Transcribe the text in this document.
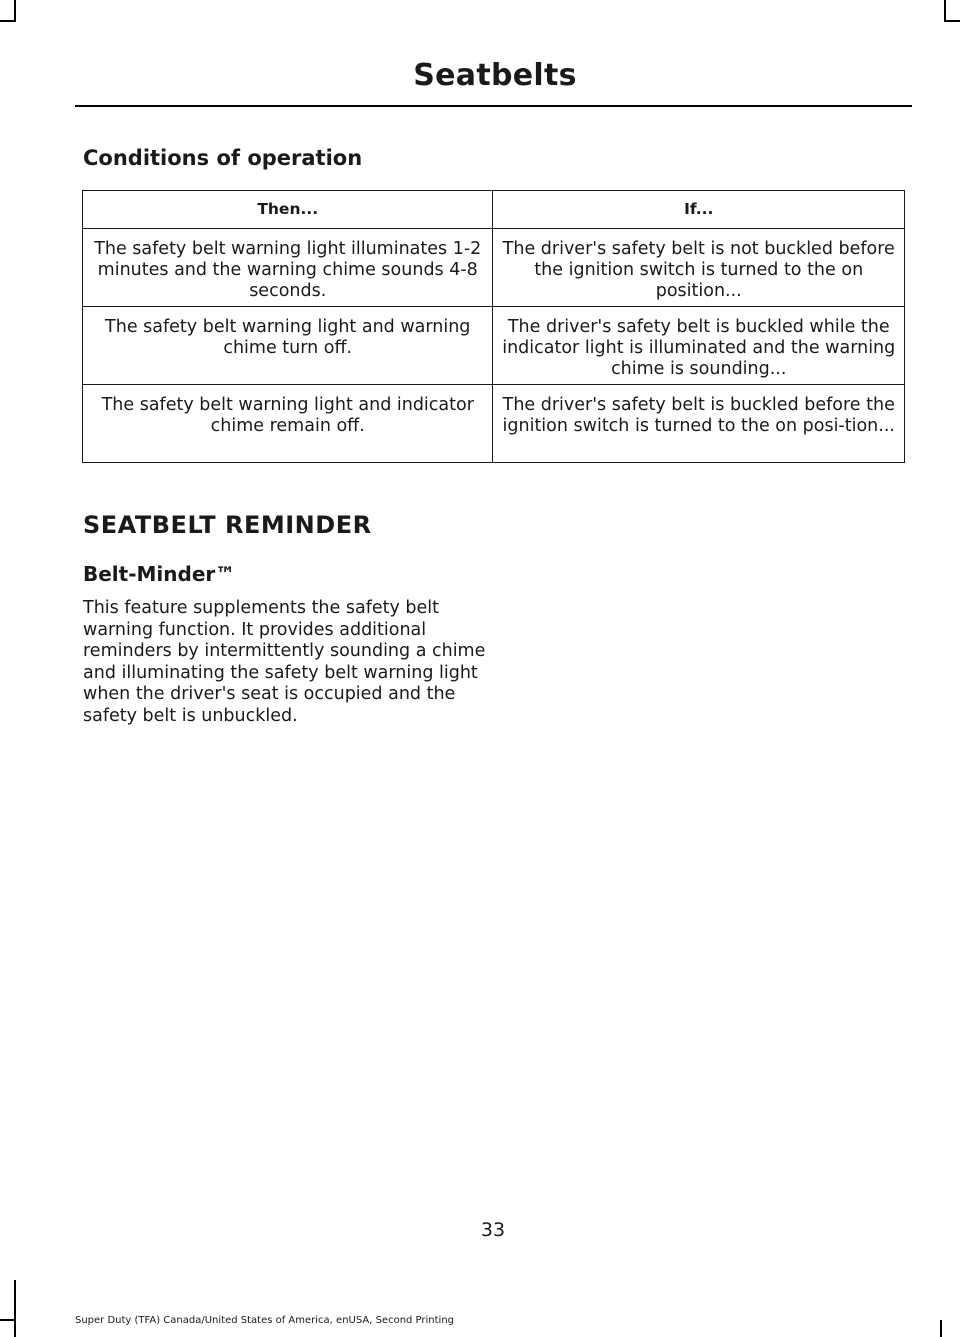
Seatbelts
Conditions of operation
Then...	If...
The safety belt warning light illuminates 1-2 minutes and the warning chime sounds 4-8 seconds.	The driver's safety belt is not buckled before the ignition switch is turned to the on position...
The safety belt warning light and warning chime turn off.	The driver's safety belt is buckled while the indicator light is illuminated and the warning chime is sounding...
The safety belt warning light and indicator chime remain off.	The driver's safety belt is buckled before the ignition switch is turned to the on posi-tion...
SEATBELT REMINDER
Belt-Minder™

This feature supplements the safety belt warning function. It provides additional reminders by intermittently sounding a chime and illuminating the safety belt warning light when the driver's seat is occupied and the safety belt is unbuckled.

33
Super Duty (TFA) Canada/United States of America, enUSA, Second Printing
